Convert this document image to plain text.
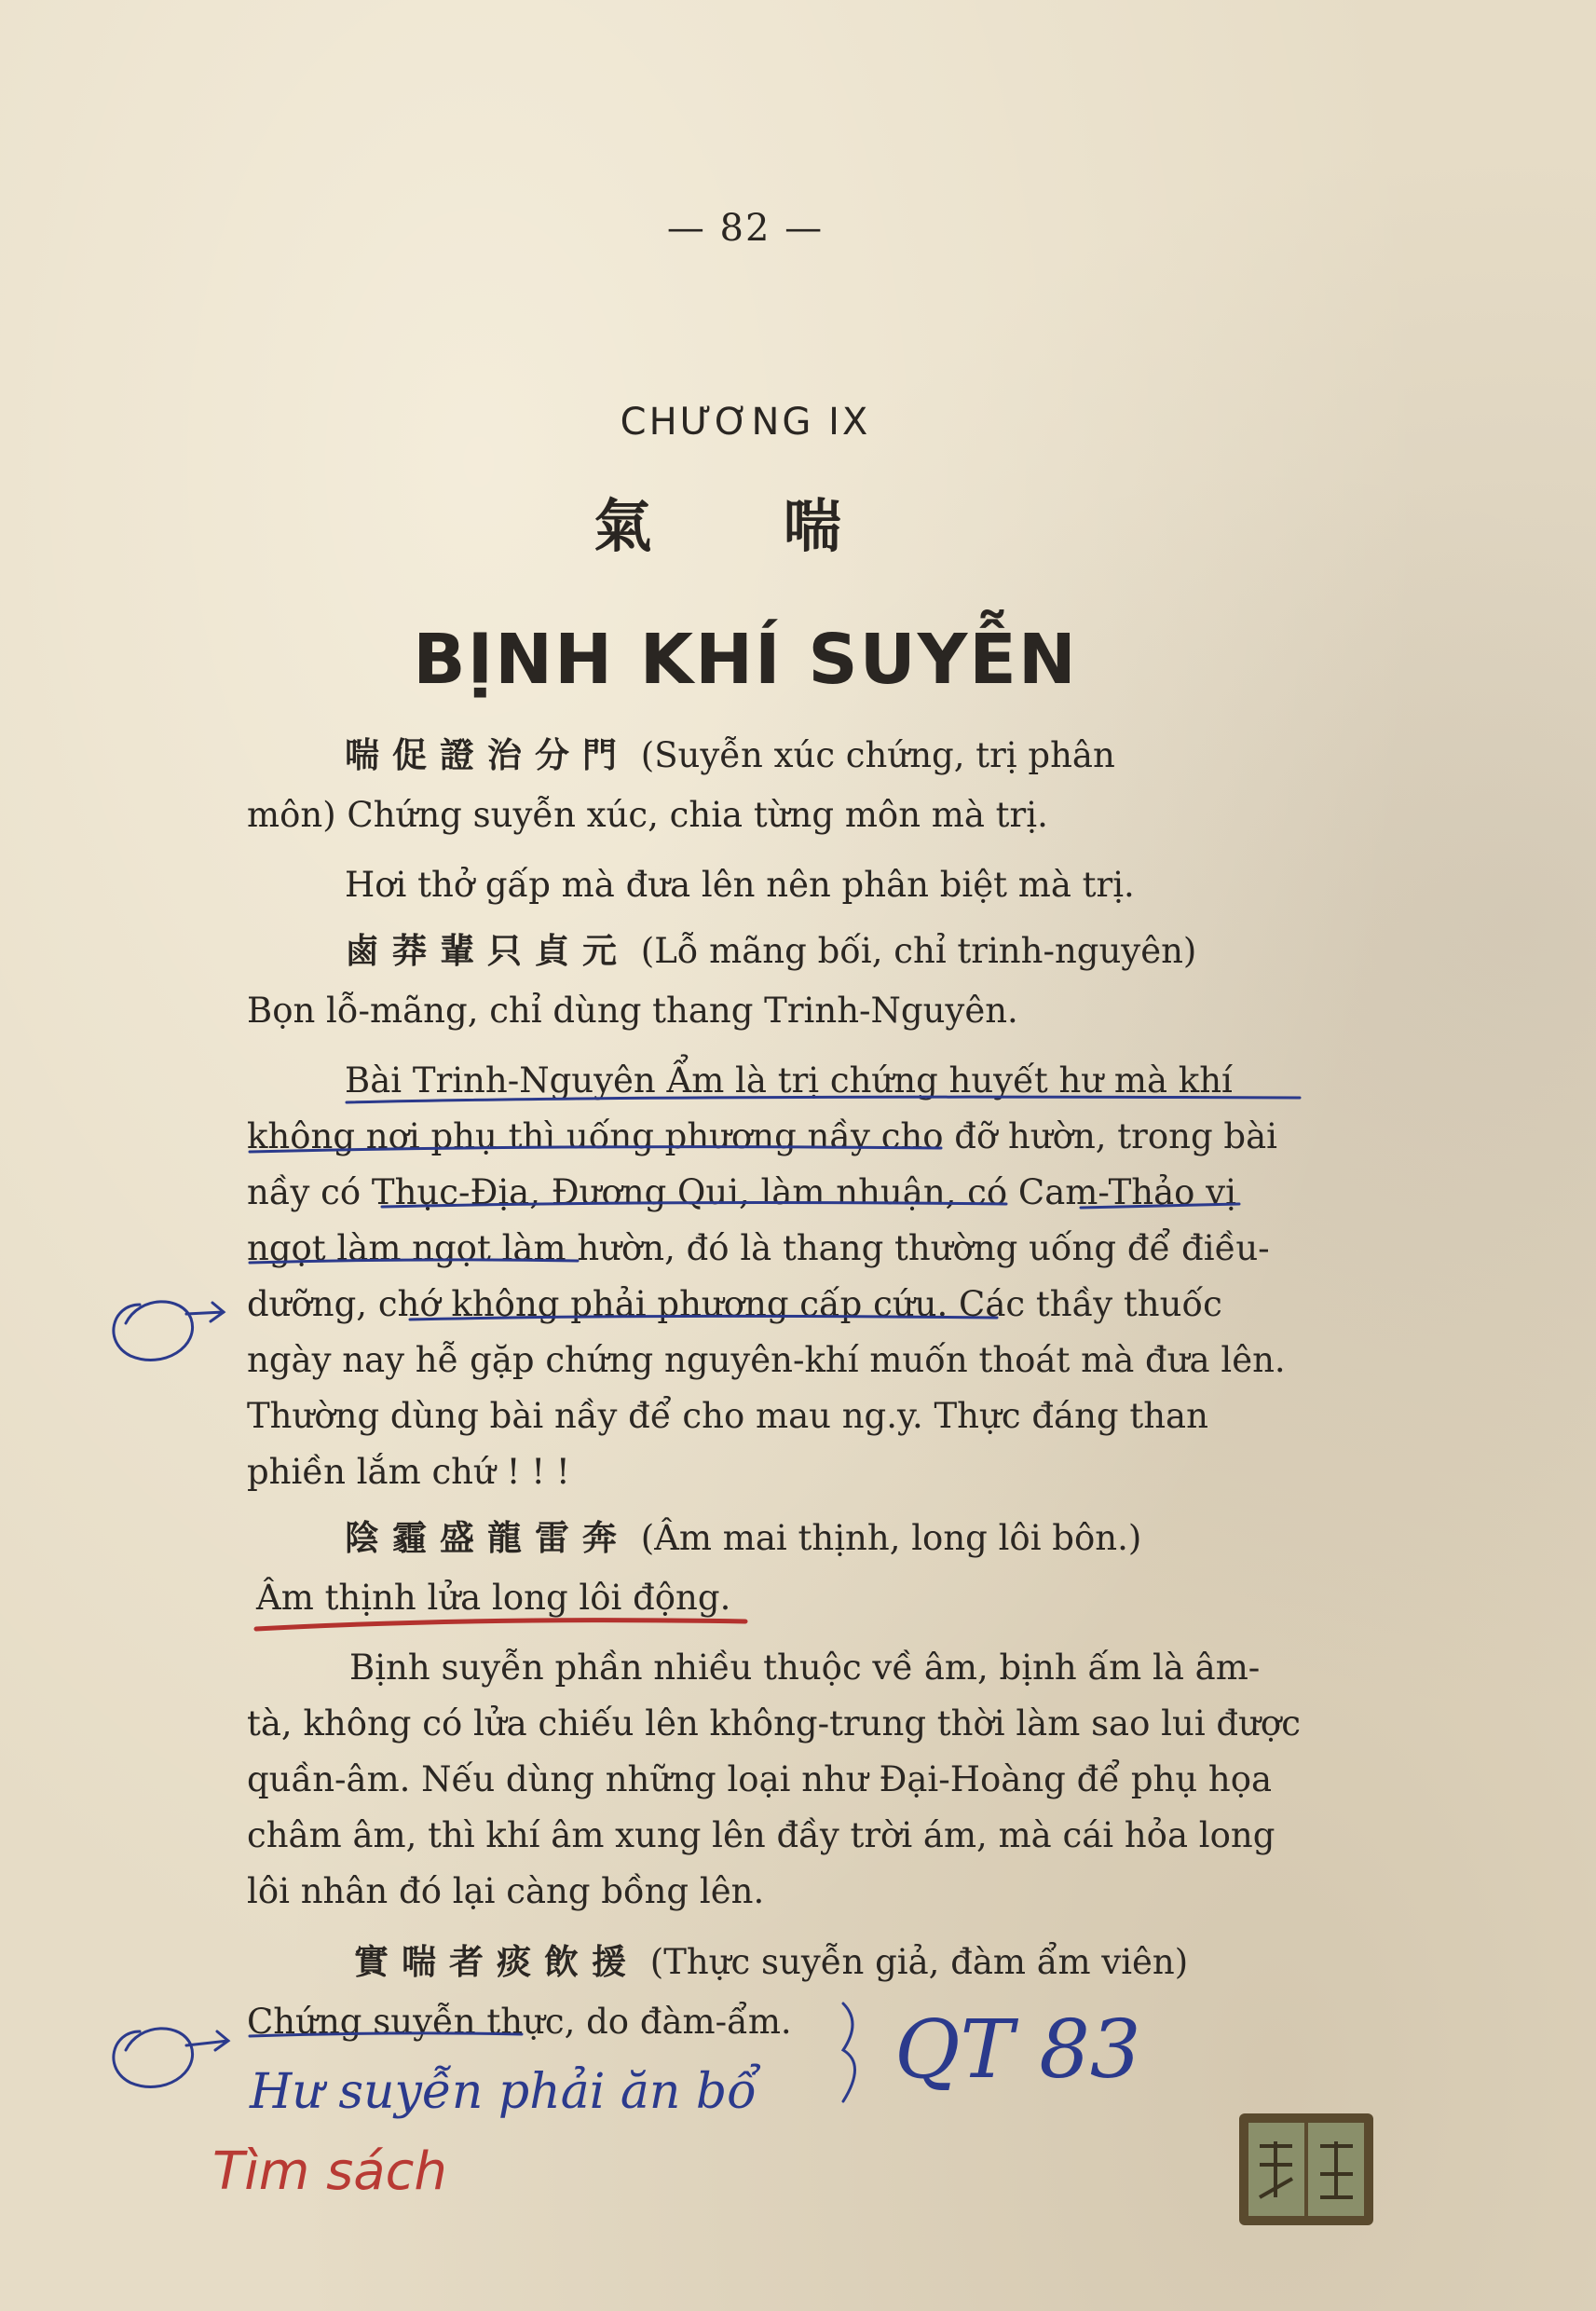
— 82 —
CHƯƠNG IX
氣 喘
BỊNH KHÍ SUYỄN
喘促證治分門 (Suyễn xúc chứng, trị phân
môn) Chứng suyễn xúc, chia từng môn mà trị.
Hơi thở gấp mà đưa lên nên phân biệt mà trị.
鹵莽輩只貞元 (Lỗ mãng bối, chỉ trinh-nguyên)
Bọn lỗ-mãng, chỉ dùng thang Trinh-Nguyên.
Bài Trinh-Nguyên Ẩm là trị chứng huyết hư mà khí
không nơi phụ thì uống phương nầy cho đỡ hườn, trong bài
nầy có Thục-Địa, Đương Qui, làm nhuận, có Cam-Thảo vị
ngọt làm ngọt làm hườn, đó là thang thường uống để điều-
dưỡng, chớ không phải phương cấp cứu. Các thầy thuốc
ngày nay hễ gặp chứng nguyên-khí muốn thoát mà đưa lên.
Thường dùng bài nầy để cho mau ng.y. Thực đáng than
phiền lắm chứ ! ! !
陰霾盛龍雷奔 (Âm mai thịnh, long lôi bôn.)
Âm thịnh lửa long lôi động.
Bịnh suyễn phần nhiều thuộc về âm, bịnh ấm là âm-
tà, không có lửa chiếu lên không-trung thời làm sao lui được
quần-âm. Nếu dùng những loại như Đại-Hoàng để phụ họa
châm âm, thì khí âm xung lên đầy trời ám, mà cái hỏa long
lôi nhân đó lại càng bồng lên.
實喘者痰飲援 (Thực suyễn giả, đàm ẩm viên)
Chứng suyễn thực, do đàm-ẩm.
Hư suyễn phải ăn bổ QT 83
Tìm sách
